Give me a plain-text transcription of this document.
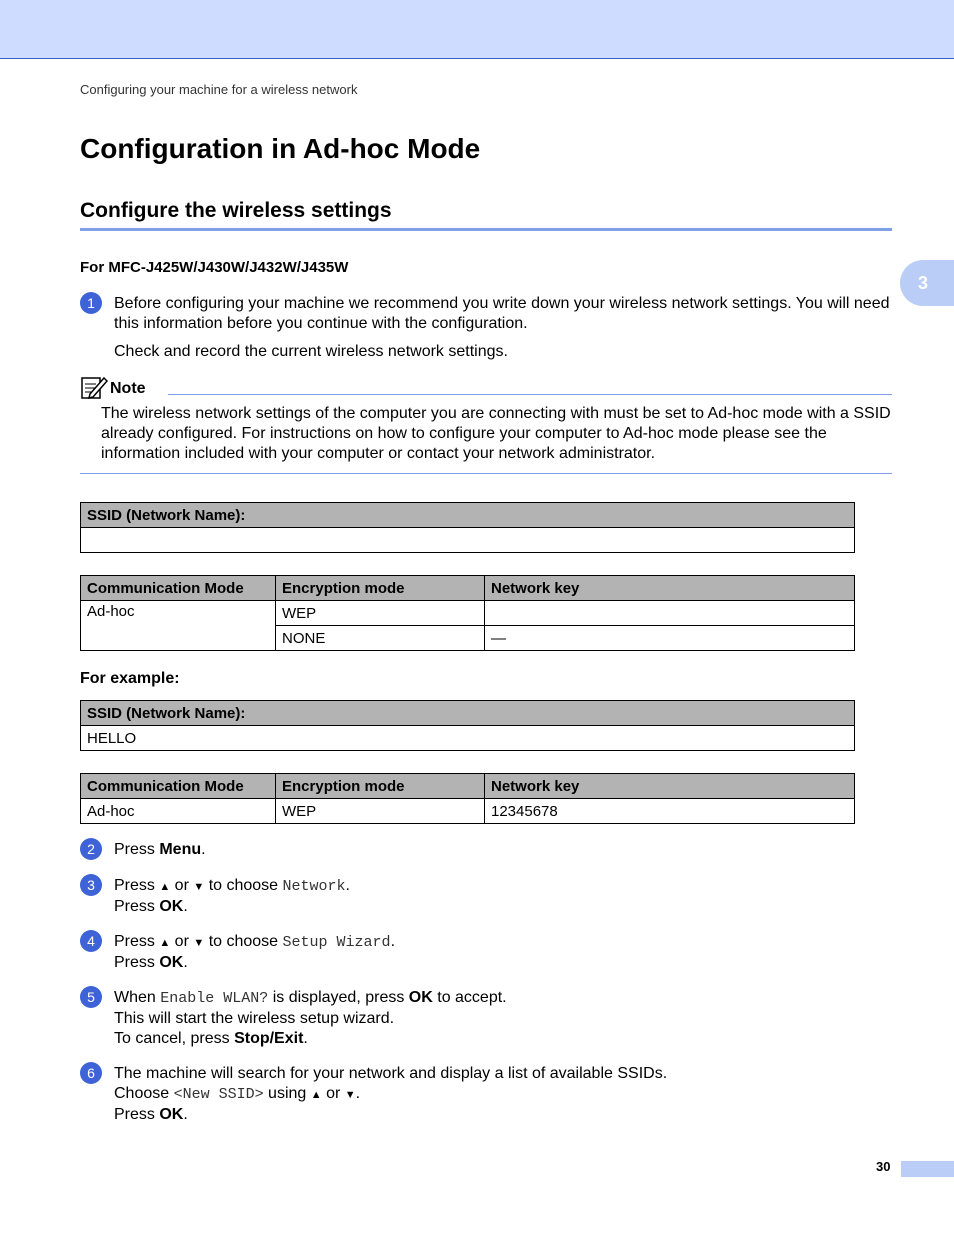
Configuring your machine for a wireless network
Configuration in Ad-hoc Mode
Configure the wireless settings
3
For MFC-J425W/J430W/J432W/J435W
1 Before configuring your machine we recommend you write down your wireless network settings. You will need this information before you continue with the configuration.
Check and record the current wireless network settings.
Note
The wireless network settings of the computer you are connecting with must be set to Ad-hoc mode with a SSID already configured. For instructions on how to configure your computer to Ad-hoc mode please see the information included with your computer or contact your network administrator.
SSID (Network Name):

Communication Mode	Encryption mode	Network key
Ad-hoc	WEP	
	NONE	—
For example:
SSID (Network Name):
HELLO
Communication Mode	Encryption mode	Network key
Ad-hoc	WEP	12345678
2 Press Menu.
3 Press ▲ or ▼ to choose Network.
Press OK.
4 Press ▲ or ▼ to choose Setup Wizard.
Press OK.
5 When Enable WLAN? is displayed, press OK to accept.
This will start the wireless setup wizard.
To cancel, press Stop/Exit.
6 The machine will search for your network and display a list of available SSIDs.
Choose <New SSID> using ▲ or ▼.
Press OK.
30
